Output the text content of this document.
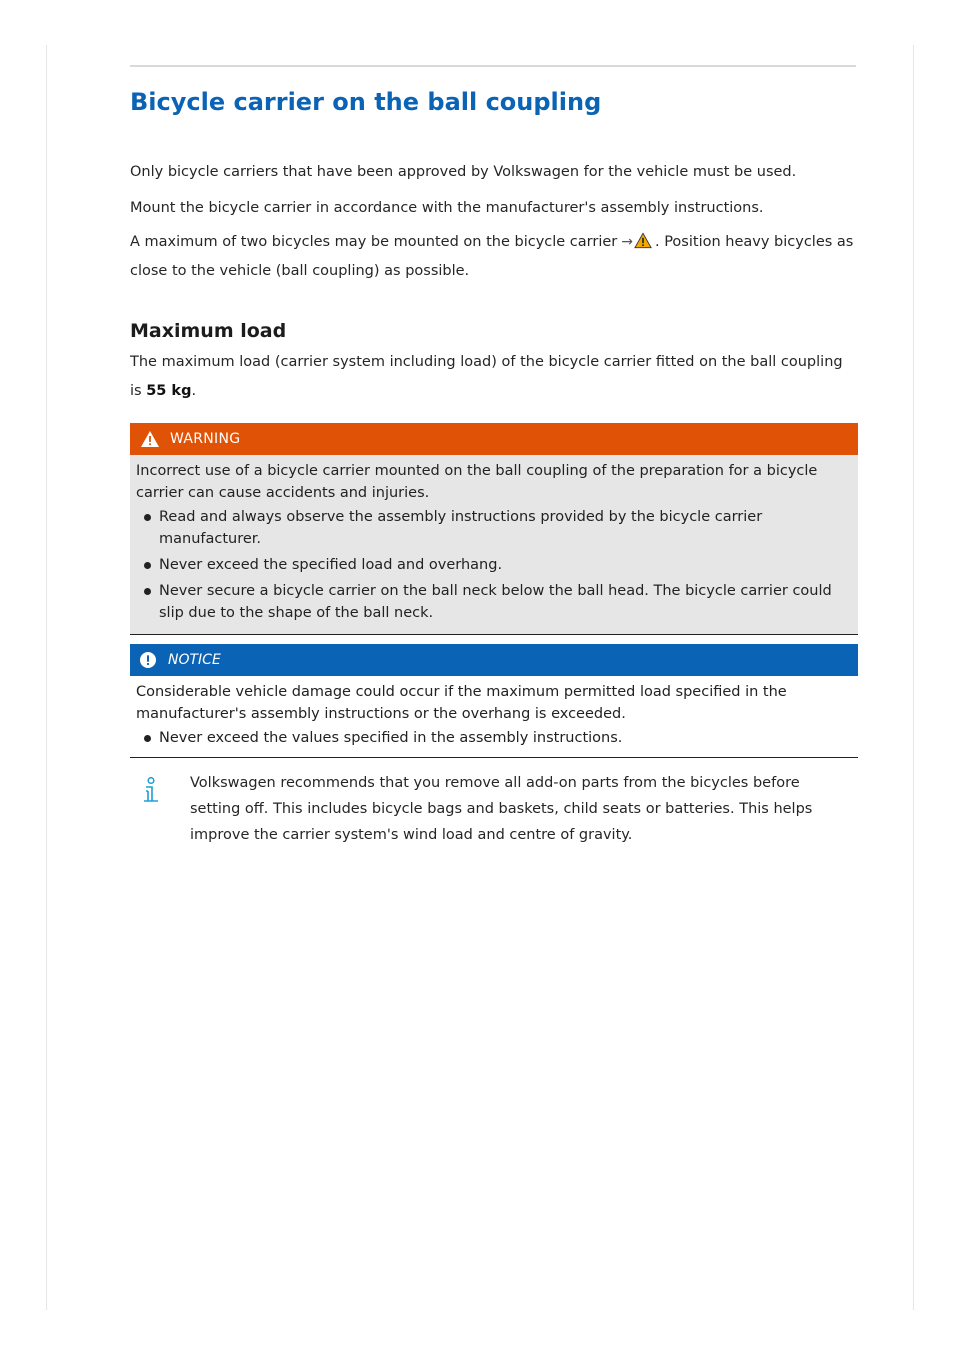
Bicycle carrier on the ball coupling

Only bicycle carriers that have been approved by Volkswagen for the vehicle must be used.

Mount the bicycle carrier in accordance with the manufacturer's assembly instructions.

A maximum of two bicycles may be mounted on the bicycle carrier → . Position heavy bicycles as close to the vehicle (ball coupling) as possible.

Maximum load

The maximum load (carrier system including load) of the bicycle carrier fitted on the ball coupling is 55 kg.

WARNING

Incorrect use of a bicycle carrier mounted on the ball coupling of the preparation for a bicycle carrier can cause accidents and injuries.

Read and always observe the assembly instructions provided by the bicycle carrier manufacturer.
Never exceed the specified load and overhang.
Never secure a bicycle carrier on the ball neck below the ball head. The bicycle carrier could slip due to the shape of the ball neck.
NOTICE

Considerable vehicle damage could occur if the maximum permitted load specified in the manufacturer's assembly instructions or the overhang is exceeded.

Never exceed the values specified in the assembly instructions.

Volkswagen recommends that you remove all add-on parts from the bicycles before setting off. This includes bicycle bags and baskets, child seats or batteries. This helps improve the carrier system's wind load and centre of gravity.
